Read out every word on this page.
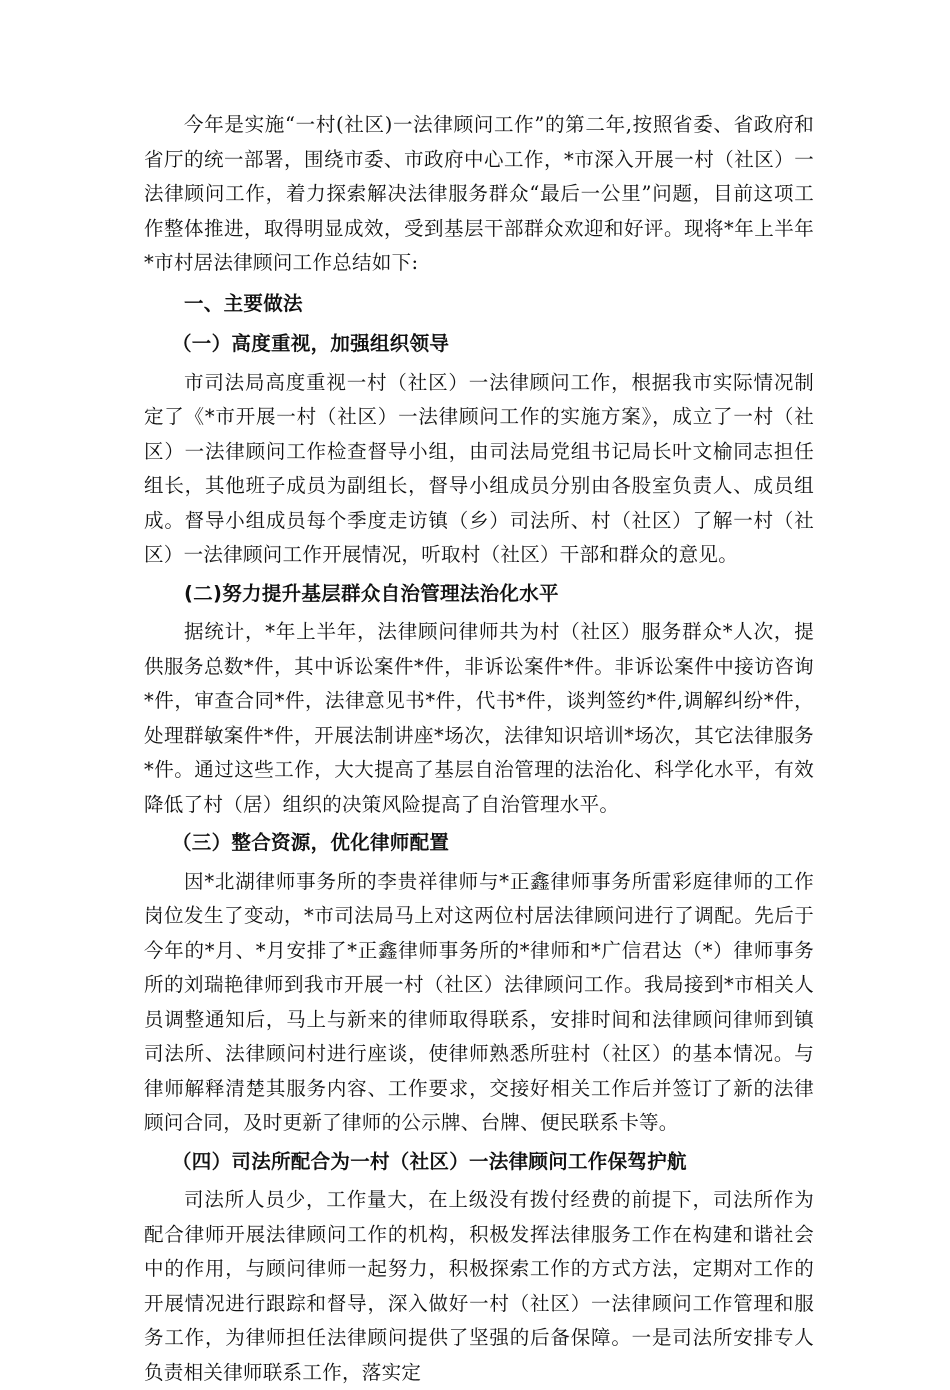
今年是实施“一村(社区)一法律顾问工作”的第二年,按照省委、省政府和省厅的统一部署，围绕市委、市政府中心工作，*市深入开展一村（社区）一法律顾问工作，着力探索解决法律服务群众“最后一公里”问题，目前这项工作整体推进，取得明显成效，受到基层干部群众欢迎和好评。现将*年上半年*市村居法律顾问工作总结如下:

一、主要做法
（一）高度重视，加强组织领导

市司法局高度重视一村（社区）一法律顾问工作，根据我市实际情况制定了《*市开展一村（社区）一法律顾问工作的实施方案》，成立了一村（社区）一法律顾问工作检查督导小组，由司法局党组书记局长叶文榆同志担任组长，其他班子成员为副组长，督导小组成员分别由各股室负责人、成员组成。督导小组成员每个季度走访镇（乡）司法所、村（社区）了解一村（社区）一法律顾问工作开展情况，听取村（社区）干部和群众的意见。

(二)努力提升基层群众自治管理法治化水平

据统计，*年上半年，法律顾问律师共为村（社区）服务群众*人次，提供服务总数*件，其中诉讼案件*件，非诉讼案件*件。非诉讼案件中接访咨询*件，审查合同*件，法律意见书*件，代书*件，谈判签约*件,调解纠纷*件，处理群敏案件*件，开展法制讲座*场次，法律知识培训*场次，其它法律服务*件。通过这些工作，大大提高了基层自治管理的法治化、科学化水平，有效降低了村（居）组织的决策风险提高了自治管理水平。

（三）整合资源，优化律师配置

因*北湖律师事务所的李贵祥律师与*正鑫律师事务所雷彩庭律师的工作岗位发生了变动，*市司法局马上对这两位村居法律顾问进行了调配。先后于今年的*月、*月安排了*正鑫律师事务所的*律师和*广信君达（*）律师事务所的刘瑞艳律师到我市开展一村（社区）法律顾问工作。我局接到*市相关人员调整通知后，马上与新来的律师取得联系，安排时间和法律顾问律师到镇司法所、法律顾问村进行座谈，使律师熟悉所驻村（社区）的基本情况。与律师解释清楚其服务内容、工作要求，交接好相关工作后并签订了新的法律顾问合同，及时更新了律师的公示牌、台牌、便民联系卡等。

（四）司法所配合为一村（社区）一法律顾问工作保驾护航

司法所人员少，工作量大，在上级没有拨付经费的前提下，司法所作为配合律师开展法律顾问工作的机构，积极发挥法律服务工作在构建和谐社会中的作用，与顾问律师一起努力，积极探索工作的方式方法，定期对工作的开展情况进行跟踪和督导，深入做好一村（社区）一法律顾问工作管理和服务工作，为律师担任法律顾问提供了坚强的后备保障。一是司法所安排专人负责相关律师联系工作，落实定
